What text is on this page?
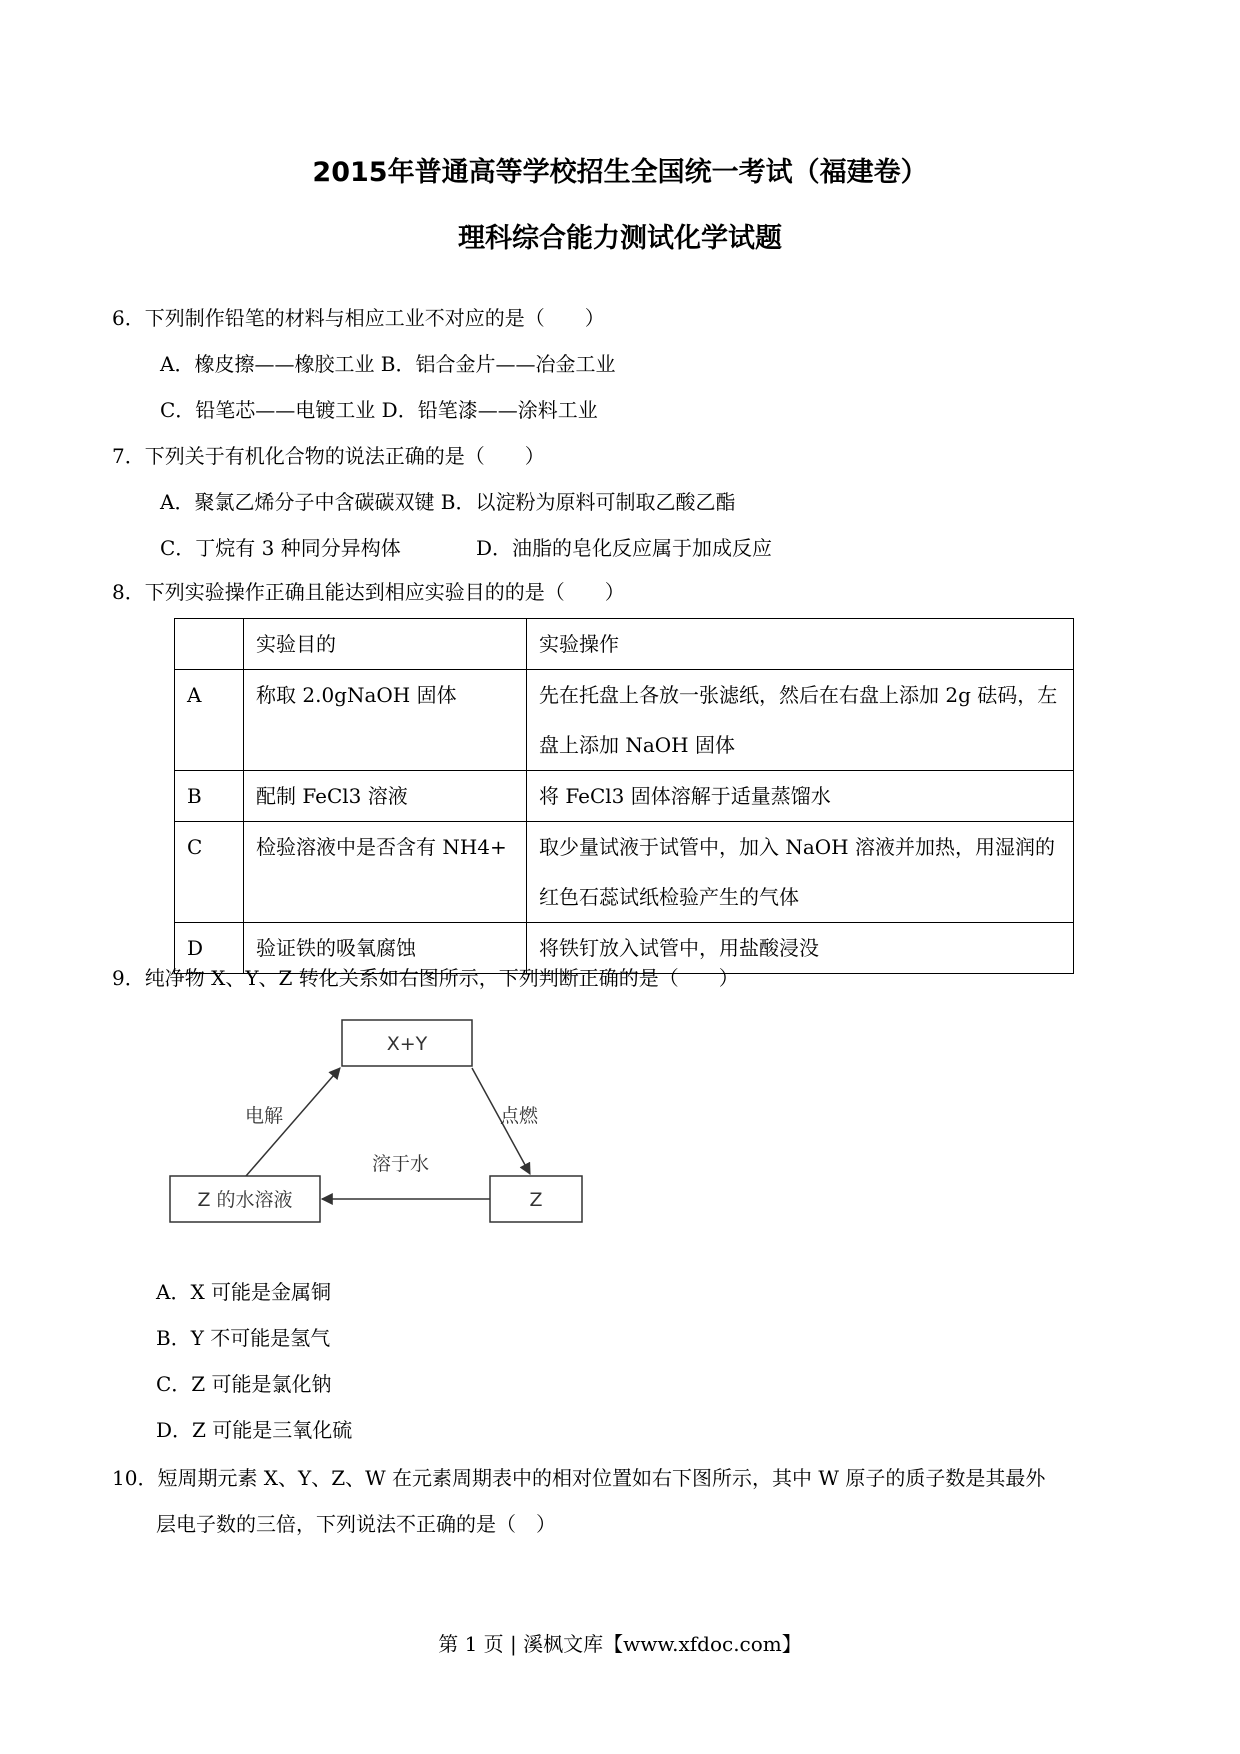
2015年普通高等学校招生全国统一考试（福建卷）
理科综合能力测试化学试题
6．下列制作铅笔的材料与相应工业不对应的是（　　）
A．橡皮擦——橡胶工业 B．铝合金片——冶金工业
C．铅笔芯——电镀工业 D．铅笔漆——涂料工业
7．下列关于有机化合物的说法正确的是（　　）
A．聚氯乙烯分子中含碳碳双键 B．以淀粉为原料可制取乙酸乙酯
C．丁烷有 3 种同分异构体	D．油脂的皂化反应属于加成反应
8．下列实验操作正确且能达到相应实验目的的是（　　）
	实验目的	实验操作
A	称取 2.0gNaOH 固体	先在托盘上各放一张滤纸，然后在右盘上添加 2g 砝码，左盘上添加 NaOH 固体
B	配制 FeCl3 溶液	将 FeCl3 固体溶解于适量蒸馏水
C	检验溶液中是否含有 NH4+	取少量试液于试管中，加入 NaOH 溶液并加热，用湿润的红色石蕊试纸检验产生的气体
D	验证铁的吸氧腐蚀	将铁钉放入试管中，用盐酸浸没
9．纯净物 X、Y、Z 转化关系如右图所示，下列判断正确的是（　　）
X+Y
Z 的水溶液	Z
电解	点燃
溶于水
A．X 可能是金属铜
B．Y 不可能是氢气
C．Z 可能是氯化钠
D．Z 可能是三氧化硫
10．短周期元素 X、Y、Z、W 在元素周期表中的相对位置如右下图所示，其中 W 原子的质子数是其最外
层电子数的三倍，下列说法不正确的是（　）
第 1 页 | 溪枫文库【www.xfdoc.com】
